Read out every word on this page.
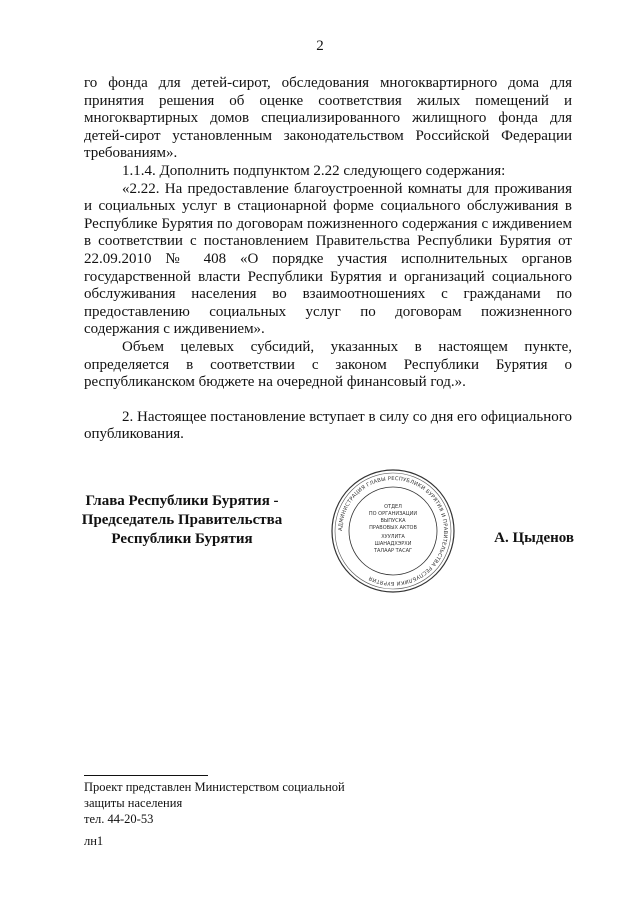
2

го фонда для детей-сирот, обследования многоквартирного дома для принятия решения об оценке соответствия жилых помещений и многоквартирных домов специализированного жилищного фонда для детей-сирот установленным законодательством Российской Федерации требованиям».

1.1.4. Дополнить подпунктом 2.22 следующего содержания:

«2.22. На предоставление благоустроенной комнаты для проживания и социальных услуг в стационарной форме социального обслуживания в Республике Бурятия по договорам пожизненного содержания с иждивением в соответствии с постановлением Правительства Республики Бурятия от 22.09.2010 № 408 «О порядке участия исполнительных органов государственной власти Республики Бурятия и организаций социального обслуживания населения во взаимоотношениях с гражданами по предоставлению социальных услуг по договорам пожизненного содержания с иждивением».

Объем целевых субсидий, указанных в настоящем пункте, определяется в соответствии с законом Республики Бурятия о республиканском бюджете на очередной финансовый год.».

2. Настоящее постановление вступает в силу со дня его официального опубликования.

Глава Республики Бурятия -
Председатель Правительства
Республики Бурятия
АДМИНИСТРАЦИЯ ГЛАВЫ РЕСПУБЛИКИ БУРЯТИЯ И ПРАВИТЕЛЬСТВА РЕСПУБЛИКИ БУРЯТИЯ
ОТДЕЛ
ПО ОРГАНИЗАЦИИ
ВЫПУСКА
ПРАВОВЫХ АКТОВ
ХУУЛИТА
ШАНАДХЭРХИ
ТАЛААР ТАСАГ
А. Цыденов
Проект представлен Министерством социальной
защиты населения
тел. 44-20-53
лн1
